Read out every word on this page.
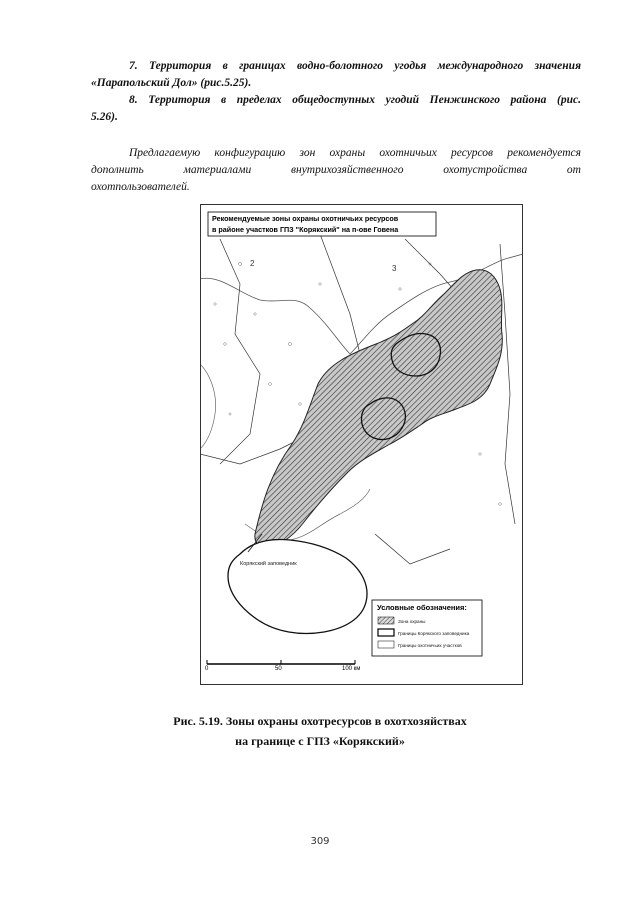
7. Территория в границах водно-болотного угодья международного значения
«Парапольский Дол» (рис.5.25).
8. Территория в пределах общедоступных угодий Пенжинского района (рис.
5.26).
Предлагаемую конфигурацию зон охраны охотничьих ресурсов рекомендуется
дополнить материалами внутрихозяйственного охотустройства от
охотпользователей.
Рекомендуемые зоны охраны охотничьих ресурсов
в районе участков ГПЗ "Корякский" на п-ове Говена
2
3
Корякский заповедник
Условные обозначения:
Зона охраны
Границы Корякского заповедника
Границы охотничьих участков
0	50	100 км
Рис. 5.19. Зоны охраны охотресурсов в охотхозяйствах
на границе с ГПЗ «Корякский»
309
